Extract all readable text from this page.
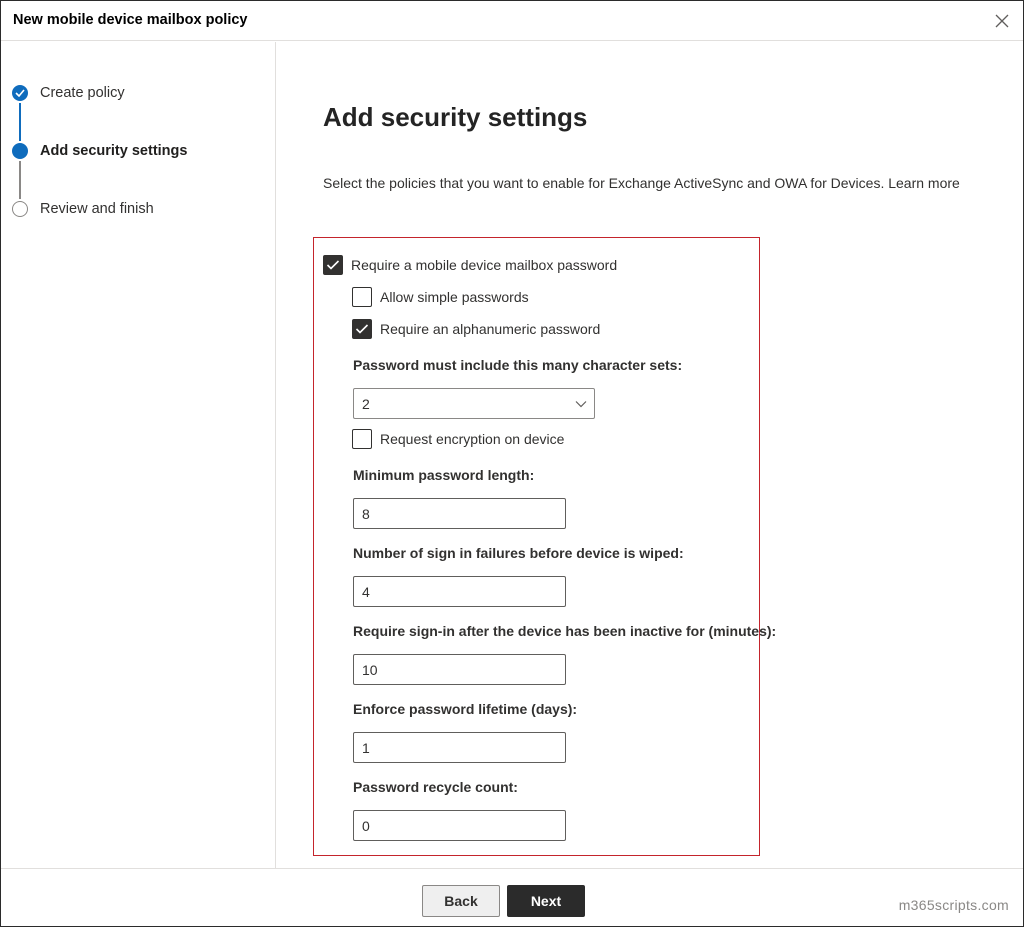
New mobile device mailbox policy
Create policy
Add security settings
Review and finish
Add security settings
Select the policies that you want to enable for Exchange ActiveSync and OWA for Devices. Learn more
Require a mobile device mailbox password
Allow simple passwords
Require an alphanumeric password
Password must include this many character sets:
2
Request encryption on device
Minimum password length:
8
Number of sign in failures before device is wiped:
4
Require sign-in after the device has been inactive for (minutes):
10
Enforce password lifetime (days):
1
Password recycle count:
0
Back	Next	m365scripts.com
